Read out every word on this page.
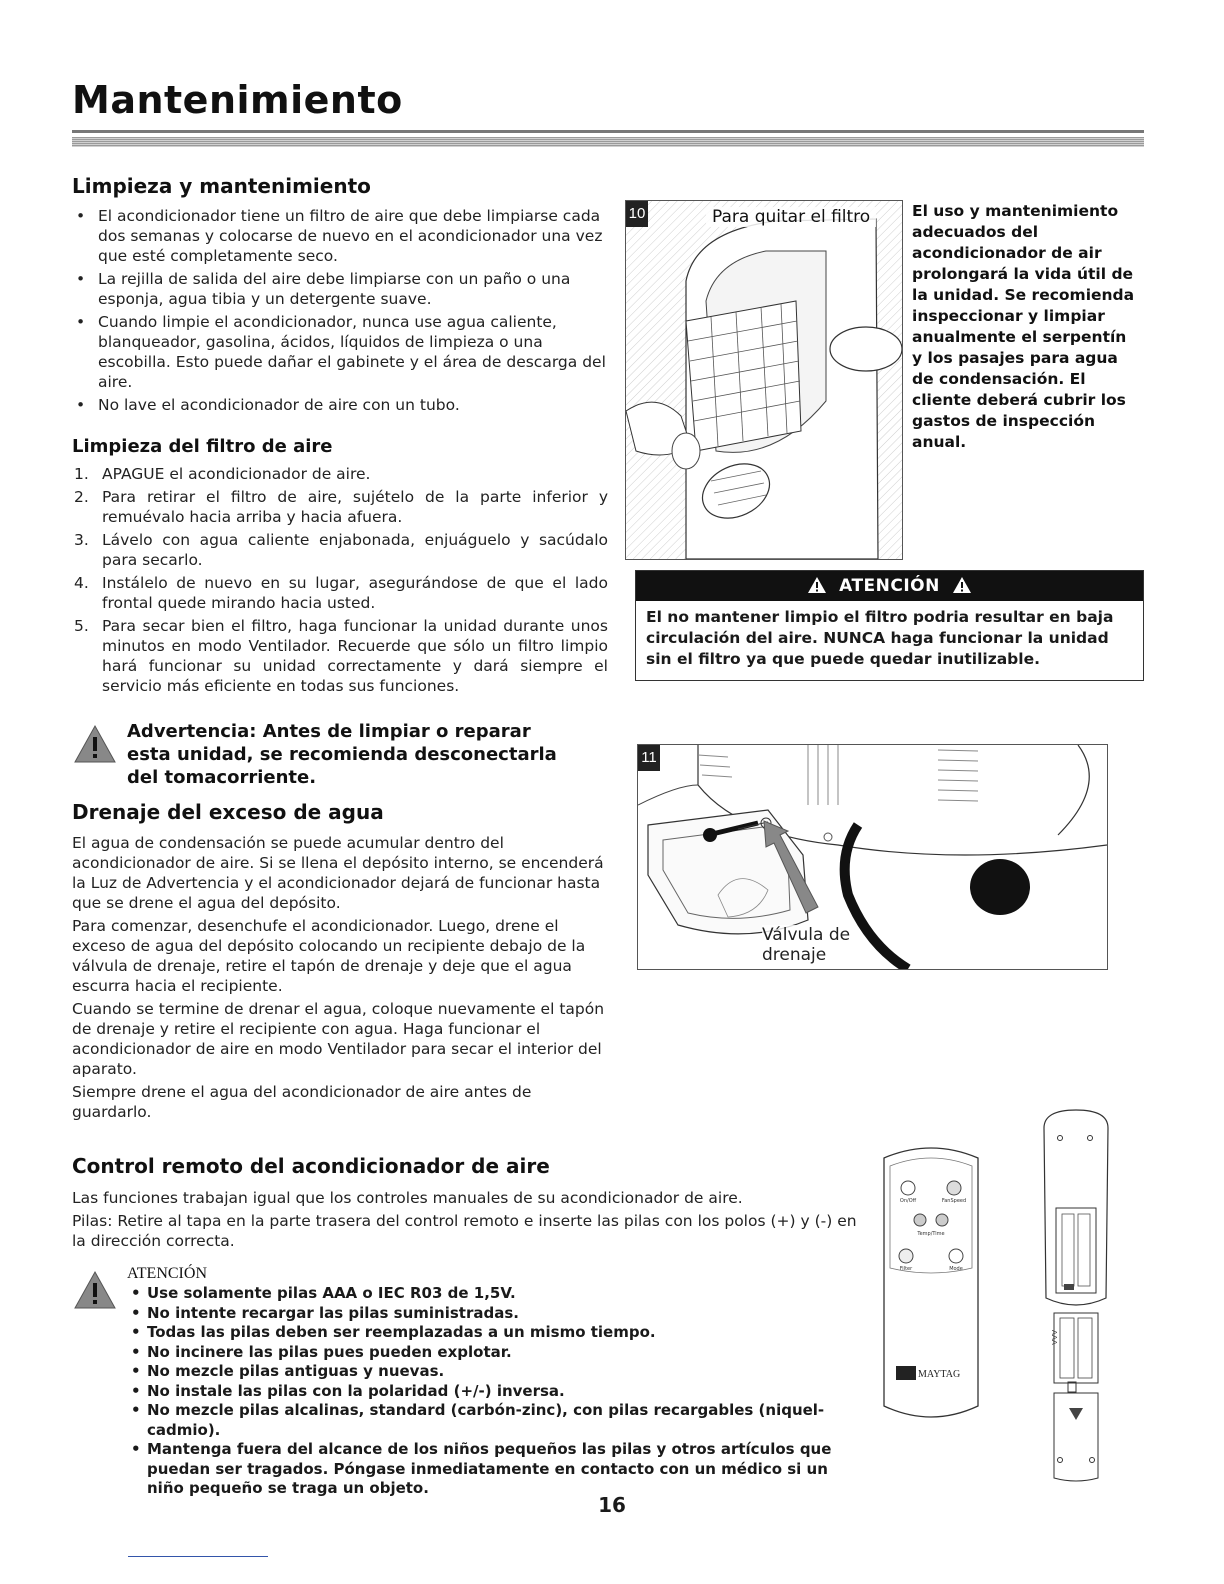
Mantenimiento
Limpieza y mantenimiento
• El acondicionador tiene un filtro de aire que debe limpiarse cada dos semanas y colocarse de nuevo en el acondicionador una vez que esté completamente seco.
• La rejilla de salida del aire debe limpiarse con un paño o una esponja, agua tibia y un detergente suave.
• Cuando limpie el acondicionador, nunca use agua caliente, blanqueador, gasolina, ácidos, líquidos de limpieza o una escobilla. Esto puede dañar el gabinete y el área de descarga del aire.
• No lave el acondicionador de aire con un tubo.
Limpieza del filtro de aire
1. APAGUE el acondicionador de aire.
2. Para retirar el filtro de aire, sujételo de la parte inferior y remuévalo hacia arriba y hacia afuera.
3. Lávelo con agua caliente enjabonada, enjuáguelo y sacúdalo para secarlo.
4. Instálelo de nuevo en su lugar, asegurándose de que el lado frontal quede mirando hacia usted.
5. Para secar bien el filtro, haga funcionar la unidad durante unos minutos en modo Ventilador. Recuerde que sólo un filtro limpio hará funcionar su unidad correctamente y dará siempre el servicio más eficiente en todas sus funciones.
Advertencia: Antes de limpiar o reparar esta unidad, se recomienda desconectarla del tomacorriente.
Drenaje del exceso de agua

El agua de condensación se puede acumular dentro del acondicionador de aire. Si se llena el depósito interno, se encenderá la Luz de Advertencia y el acondicionador dejará de funcionar hasta que se drene el agua del depósito.

Para comenzar, desenchufe el acondicionador. Luego, drene el exceso de agua del depósito colocando un recipiente debajo de la válvula de drenaje, retire el tapón de drenaje y deje que el agua escurra hacia el recipiente.

Cuando se termine de drenar el agua, coloque nuevamente el tapón de drenaje y retire el recipiente con agua. Haga funcionar el acondicionador de aire en modo Ventilador para secar el interior del aparato.

Siempre drene el agua del acondicionador de aire antes de guardarlo.

10	Para quitar el filtro	El uso y mantenimiento adecuados del acondicionador de air prolongará la vida útil de la unidad. Se recomienda inspeccionar y limpiar anualmente el serpentín y los pasajes para agua de condensación. El cliente deberá cubrir los gastos de inspección anual.
ATENCIÓN
El no mantener limpio el filtro podria resultar en baja circulación del aire. NUNCA haga funcionar la unidad sin el filtro ya que puede quedar inutilizable.
11
Válvula de
drenaje
Control remoto del acondicionador de aire

Las funciones trabajan igual que los controles manuales de su acondicionador de aire.

Pilas: Retire al tapa en la parte trasera del control remoto e inserte las pilas con los polos (+) y (-) en la dirección correcta.

ATENCIÓN
• Use solamente pilas AAA o IEC R03 de 1,5V.
• No intente recargar las pilas suministradas.
• Todas las pilas deben ser reemplazadas a un mismo tiempo.
• No incinere las pilas pues pueden explotar.
• No mezcle pilas antiguas y nuevas.
• No instale las pilas con la polaridad (+/-) inversa.
• No mezcle pilas alcalinas, standard (carbón-zinc), con pilas recargables (niquel-cadmio).
• Mantenga fuera del alcance de los niños pequeños las pilas y otros artículos que puedan ser tragados. Póngase inmediatamente en contacto con un médico si un niño pequeño se traga un objeto.
On/Off	FanSpeed
Temp/Time
Filter	Mode
MAYTAG
AAA
16
